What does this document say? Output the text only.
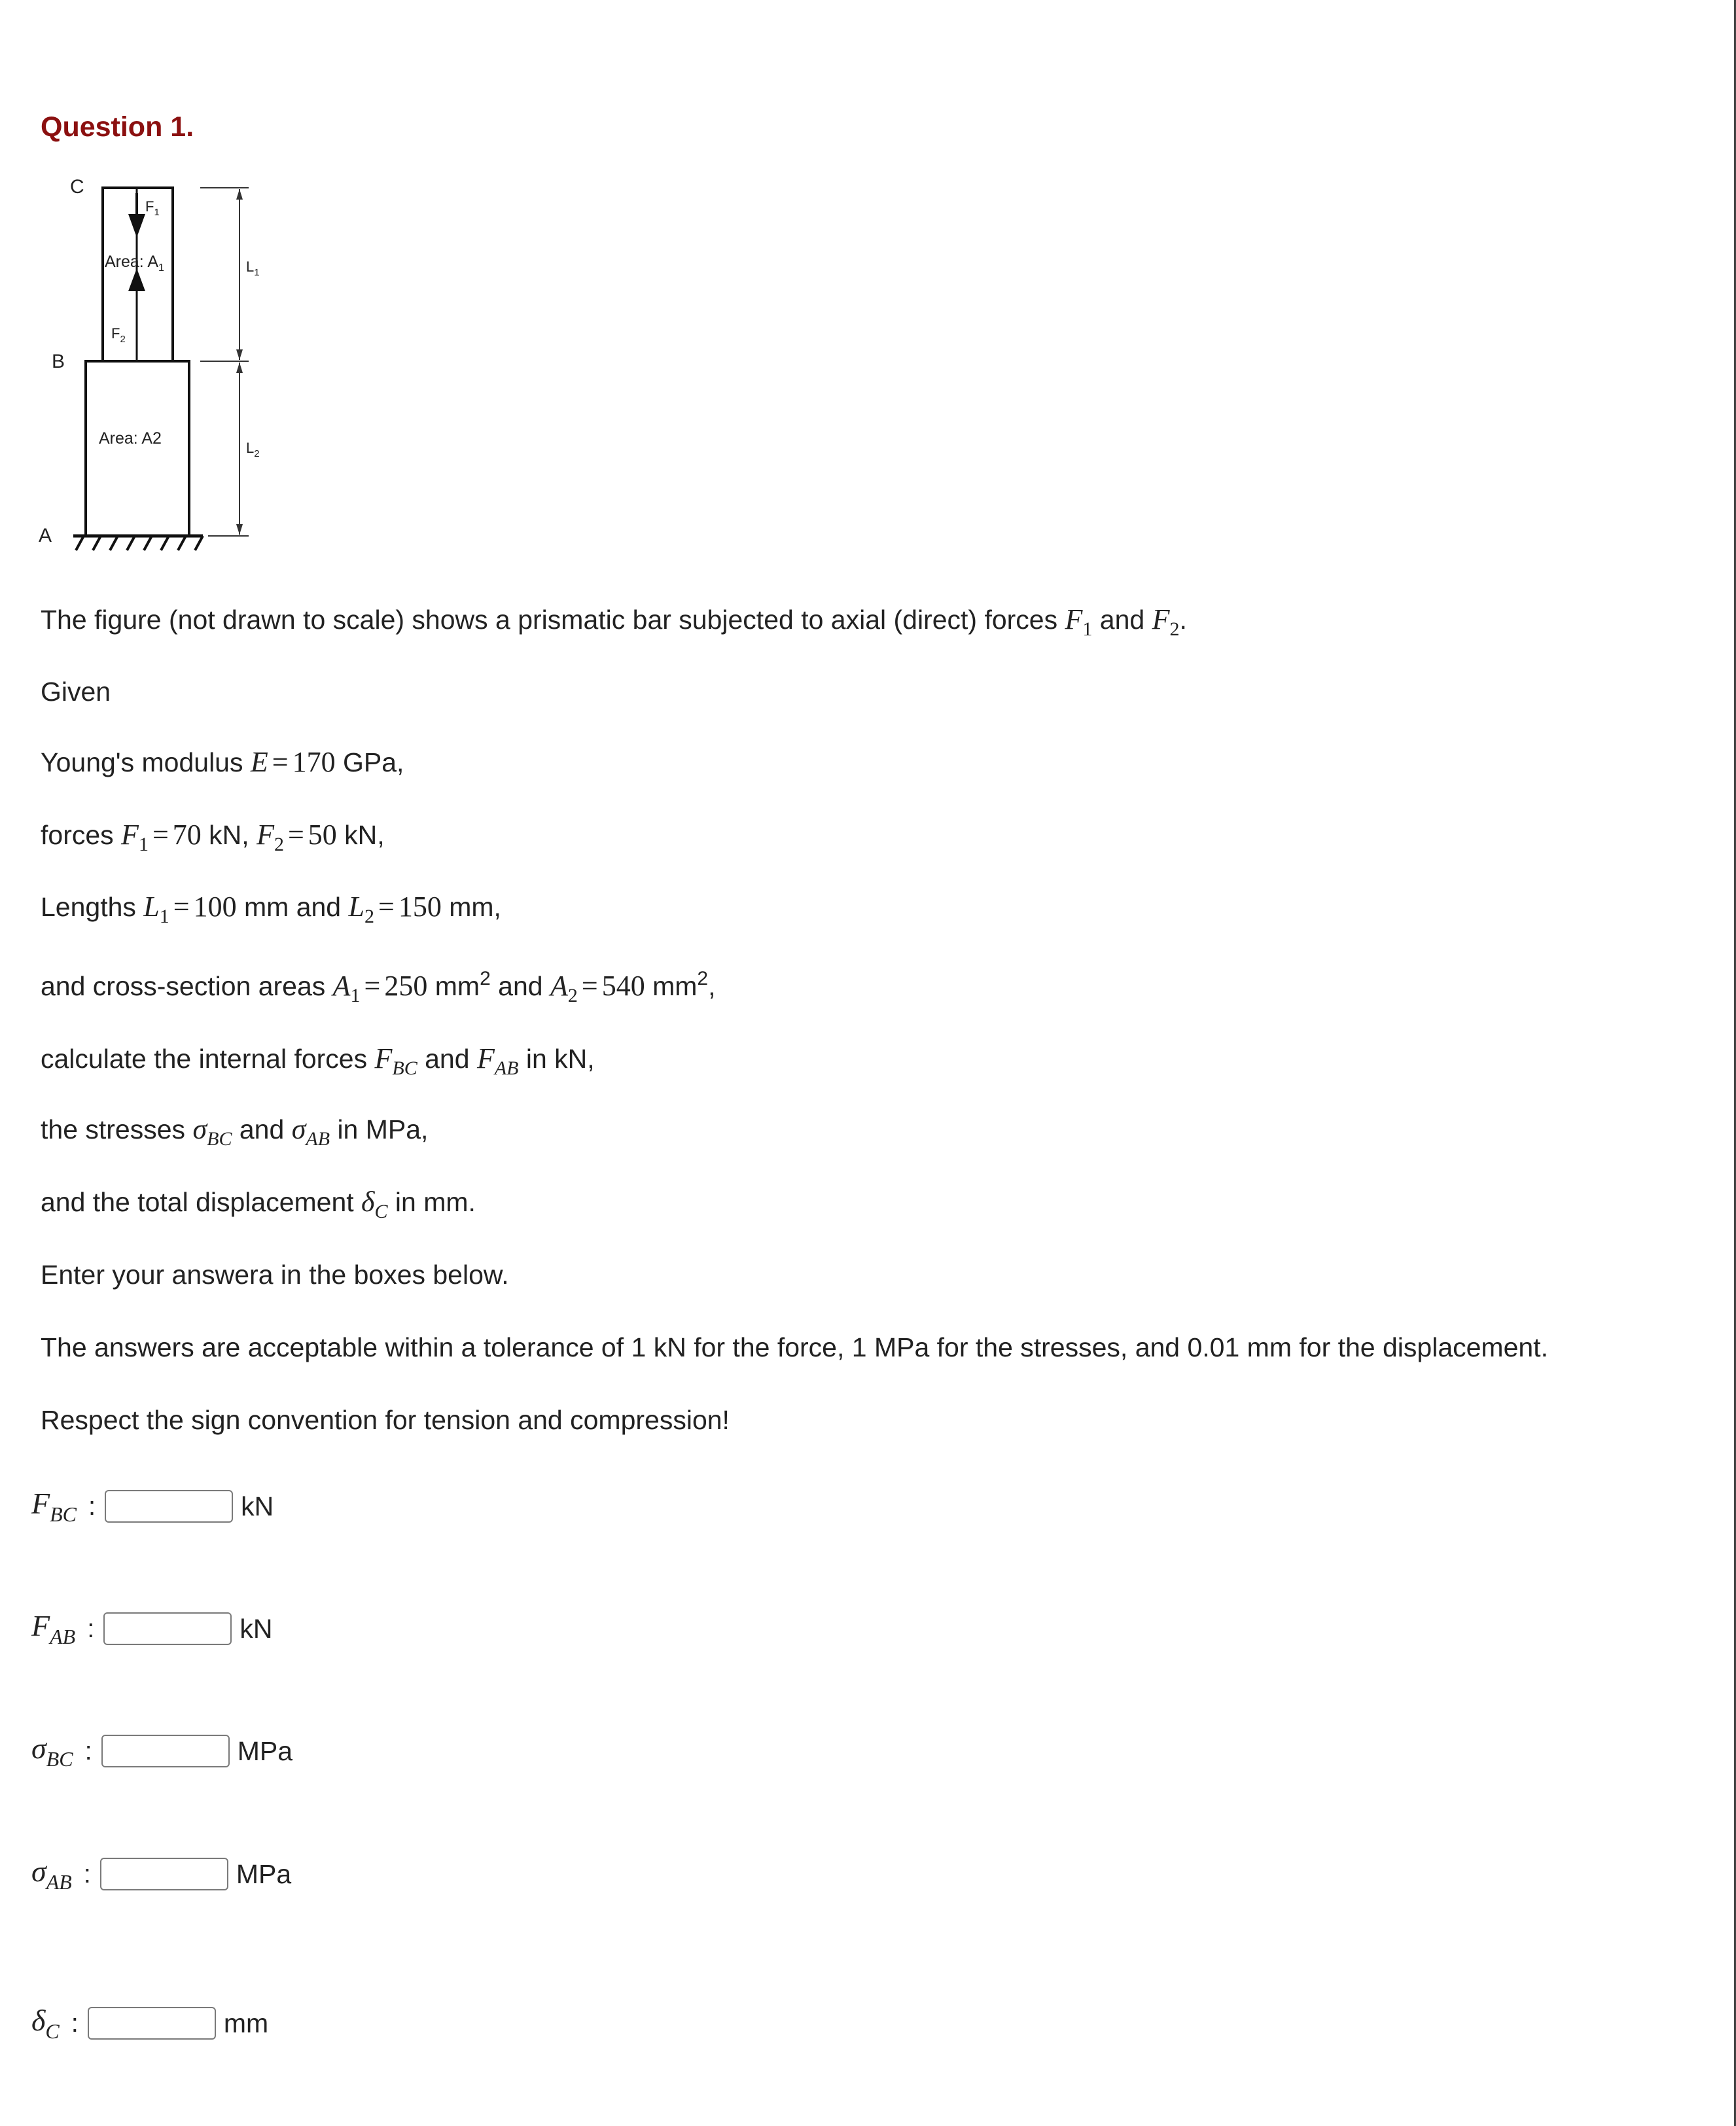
Question 1.
C
B
A
$F_1$
Area: $A_1$
$F_2$
Area: A2
$L_1$
$L_2$

The figure (not drawn to scale) shows a prismatic bar subjected to axial (direct) forces $F_1$ and $F_2$.

Given

Young's modulus E = 170 GPa,

forces $F_1 = 70$ kN, $F_2 = 50$ kN,

Lengths $L_1 = 100$ mm and $L_2 = 150$ mm,

and cross-section areas $A_1 = 250$ $mm^2$ and $A_2 = 540$ $mm^2$,

calculate the internal forces $F_{BC}$ and $F_{AB}$ in kN,

the stresses $\sigma_{BC}$ and $\sigma_{AB}$ in MPa,

and the total displacement $\delta_C$ in mm.

Enter your answera in the boxes below.

The answers are acceptable within a tolerance of 1 kN for the force, 1 MPa for the stresses, and 0.01 mm for the displacement.

Respect the sign convention for tension and compression!

$F_{BC}$ :	kN
$F_{AB}$ :	kN
$\sigma_{BC}$ :	MPa
$\sigma_{AB}$ :	MPa
$\delta_C$ :	mm
